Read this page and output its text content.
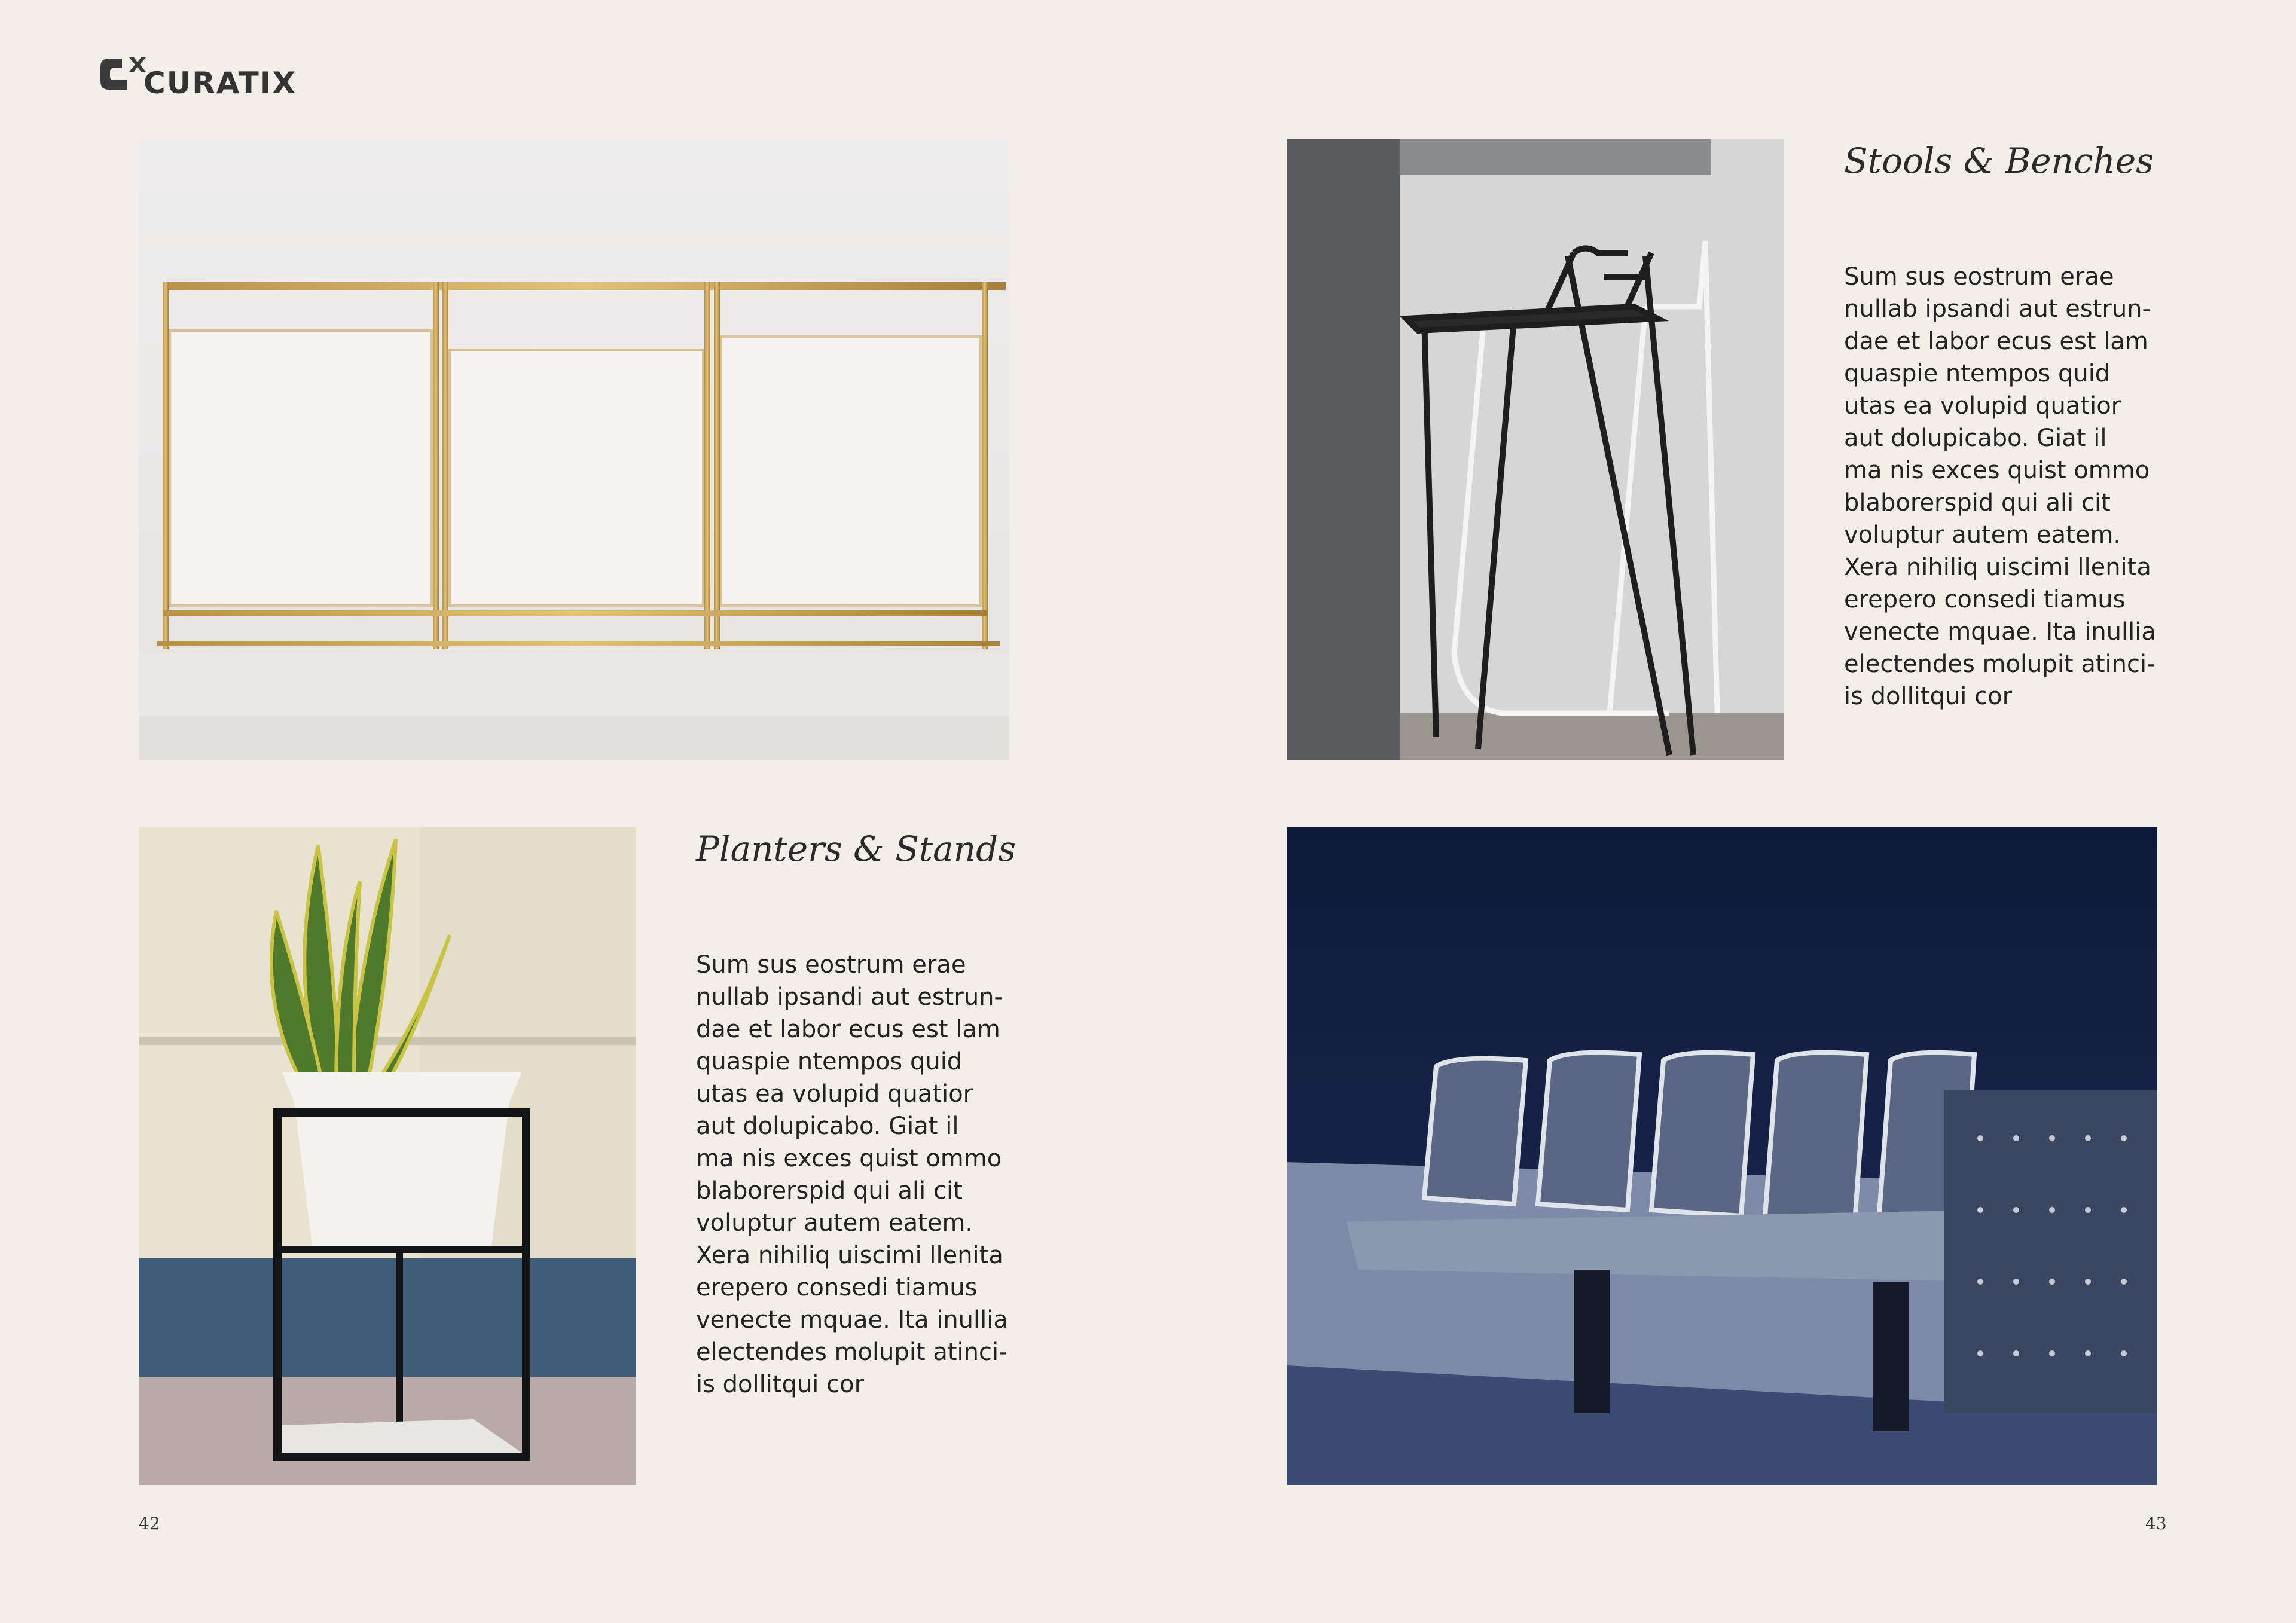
CURATIX
Stools & Benches
Sum sus eostrum erae
nullab ipsandi aut estrun-
dae et labor ecus est lam
quaspie ntempos quid
utas ea volupid quatior
aut dolupicabo. Giat il
ma nis exces quist ommo
blaborerspid qui ali cit
voluptur autem eatem.
Xera nihiliq uiscimi llenita
erepero consedi tiamus
venecte mquae. Ita inullia
electendes molupit atinci-
is dollitqui cor
Planters & Stands
Sum sus eostrum erae
nullab ipsandi aut estrun-
dae et labor ecus est lam
quaspie ntempos quid
utas ea volupid quatior
aut dolupicabo. Giat il
ma nis exces quist ommo
blaborerspid qui ali cit
voluptur autem eatem.
Xera nihiliq uiscimi llenita
erepero consedi tiamus
venecte mquae. Ita inullia
electendes molupit atinci-
is dollitqui cor
42	43
